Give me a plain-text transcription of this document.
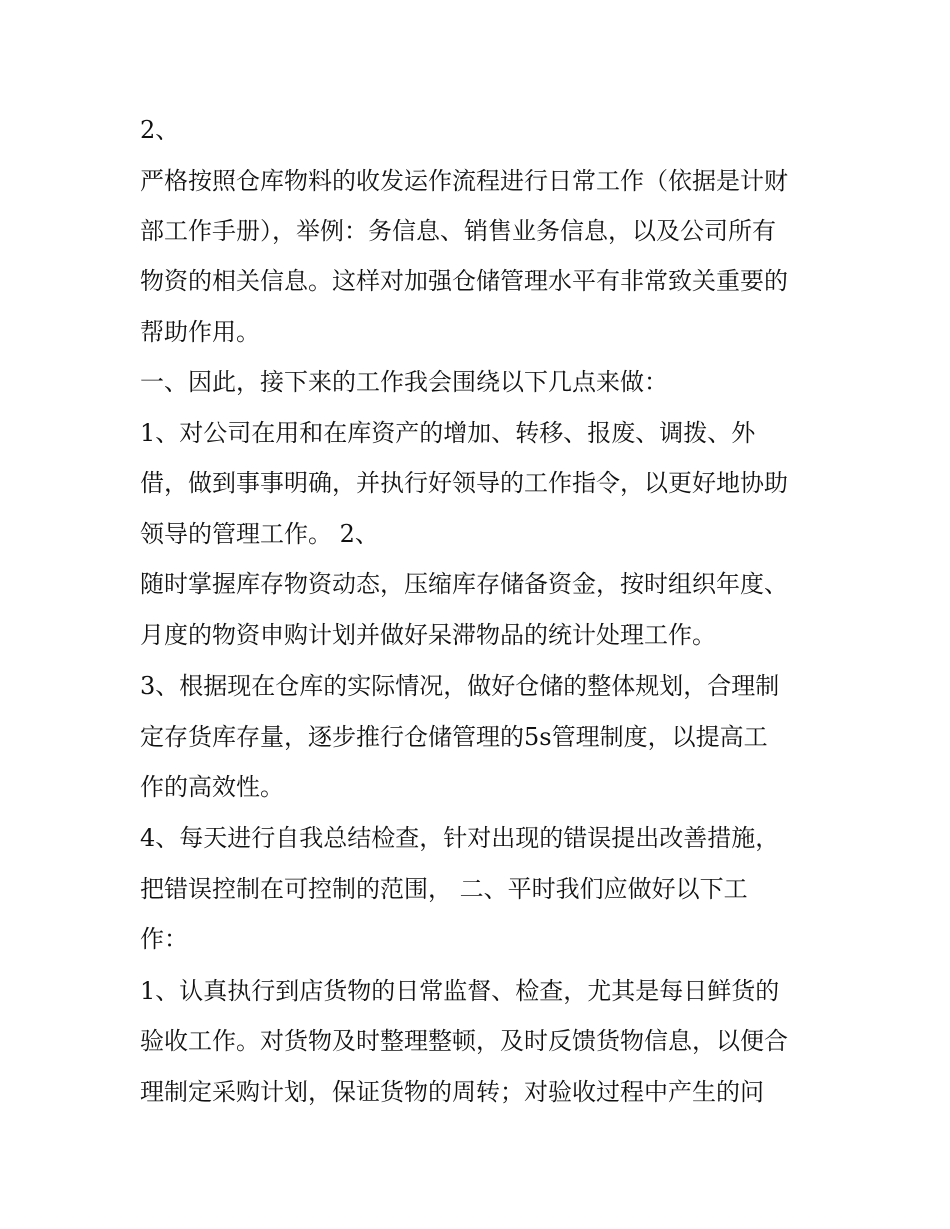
2、

严格按照仓库物料的收发运作流程进行日常工作（依据是计财

部工作手册），举例：务信息、销售业务信息，以及公司所有

物资的相关信息。这样对加强仓储管理水平有非常致关重要的

帮助作用。

一、因此，接下来的工作我会围绕以下几点来做：

1、对公司在用和在库资产的增加、转移、报废、调拨、外

借，做到事事明确，并执行好领导的工作指令，以更好地协助

领导的管理工作。 2、

随时掌握库存物资动态，压缩库存储备资金，按时组织年度、

月度的物资申购计划并做好呆滞物品的统计处理工作。

3、根据现在仓库的实际情况，做好仓储的整体规划，合理制

定存货库存量，逐步推行仓储管理的5s管理制度，以提高工

作的高效性。

4、每天进行自我总结检查，针对出现的错误提出改善措施，

把错误控制在可控制的范围， 二、平时我们应做好以下工

作：

1、认真执行到店货物的日常监督、检查，尤其是每日鲜货的

验收工作。对货物及时整理整顿，及时反馈货物信息，以便合

理制定采购计划，保证货物的周转；对验收过程中产生的问
